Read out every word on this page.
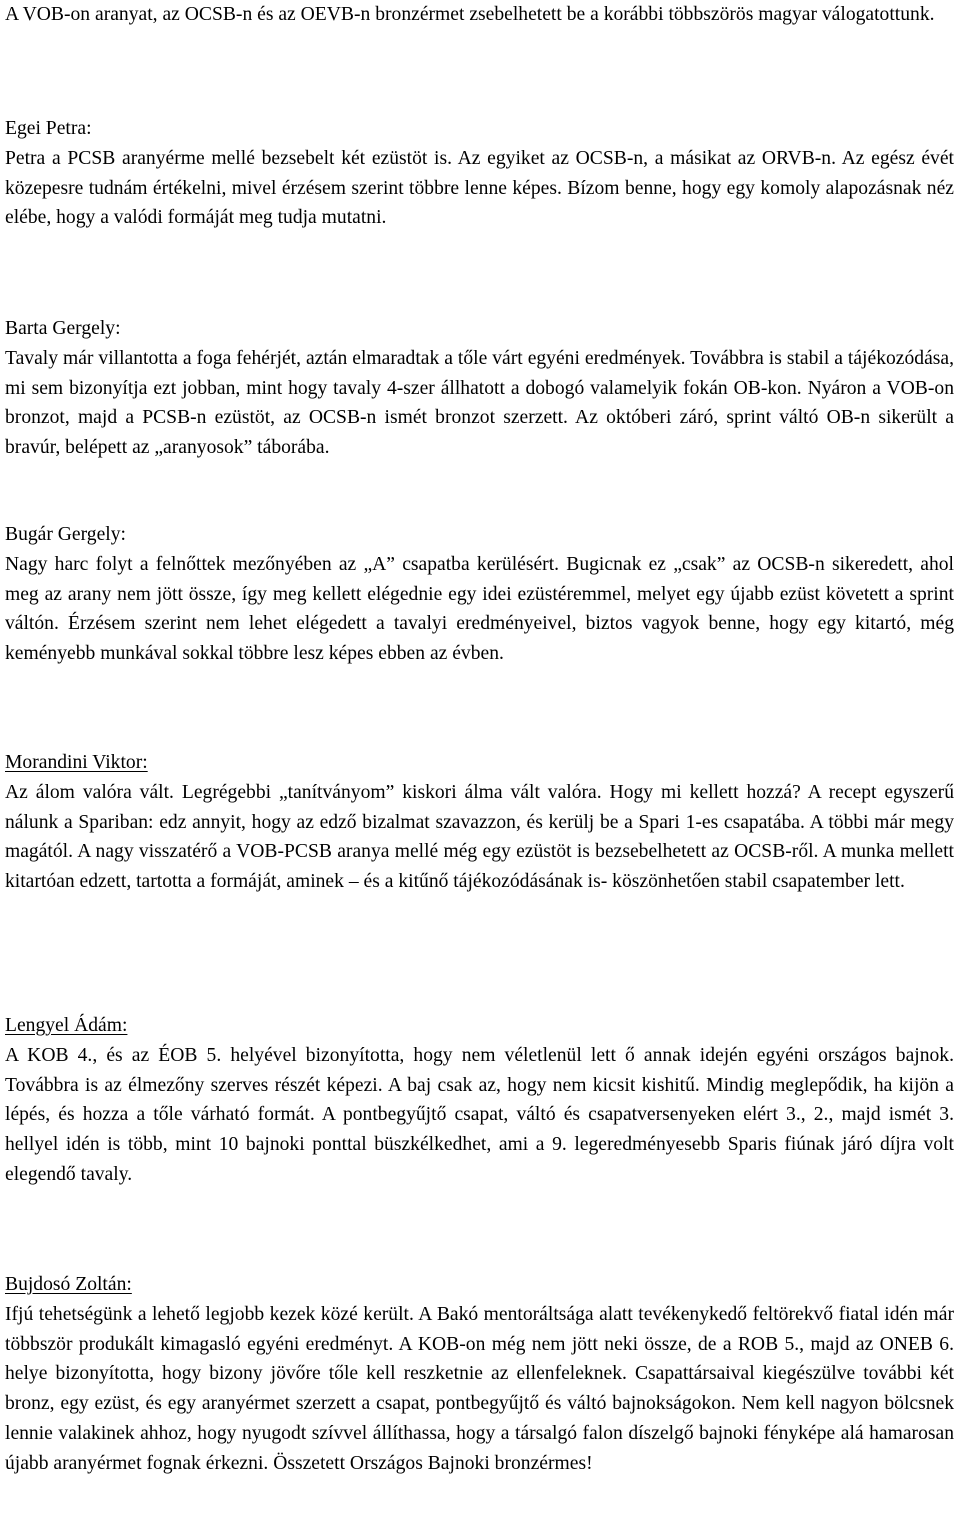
A VOB-on aranyat, az OCSB-n és az OEVB-n bronzérmet zsebelhetett be a korábbi többszörös magyar válogatottunk.

Egei Petra:

Petra a PCSB aranyérme mellé bezsebelt két ezüstöt is. Az egyiket az OCSB-n, a másikat az ORVB-n. Az egész évét közepesre tudnám értékelni, mivel érzésem szerint többre lenne képes. Bízom benne, hogy egy komoly alapozásnak néz elébe, hogy a valódi formáját meg tudja mutatni.

Barta Gergely:

Tavaly már villantotta a foga fehérjét, aztán elmaradtak a tőle várt egyéni eredmények. Továbbra is stabil a tájékozódása, mi sem bizonyítja ezt jobban, mint hogy tavaly 4-szer állhatott a dobogó valamelyik fokán OB-kon. Nyáron a VOB-on bronzot, majd a PCSB-n ezüstöt, az OCSB-n ismét bronzot szerzett. Az októberi záró, sprint váltó OB-n sikerült a bravúr, belépett az „aranyosok” táborába.

Bugár Gergely:

Nagy harc folyt a felnőttek mezőnyében az „A” csapatba kerülésért. Bugicnak ez „csak” az OCSB-n sikeredett, ahol meg az arany nem jött össze, így meg kellett elégednie egy idei ezüstéremmel, melyet egy újabb ezüst követett a sprint váltón. Érzésem szerint nem lehet elégedett a tavalyi eredményeivel, biztos vagyok benne, hogy egy kitartó, még keményebb munkával sokkal többre lesz képes ebben az évben.

Morandini Viktor:

Az álom valóra vált. Legrégebbi „tanítványom” kiskori álma vált valóra. Hogy mi kellett hozzá? A recept egyszerű nálunk a Spariban: edz annyit, hogy az edző bizalmat szavazzon, és kerülj be a Spari 1-es csapatába. A többi már megy magától. A nagy visszatérő a VOB-PCSB aranya mellé még egy ezüstöt is bezsebelhetett az OCSB-ről. A munka mellett kitartóan edzett, tartotta a formáját, aminek – és a kitűnő tájékozódásának is- köszönhetően stabil csapatember lett.

Lengyel Ádám:

A KOB 4., és az ÉOB 5. helyével bizonyította, hogy nem véletlenül lett ő annak idején egyéni országos bajnok. Továbbra is az élmezőny szerves részét képezi. A baj csak az, hogy nem kicsit kishitű. Mindig meglepődik, ha kijön a lépés, és hozza a tőle várható formát. A pontbegyűjtő csapat, váltó és csapatversenyeken elért 3., 2., majd ismét 3. hellyel idén is több, mint 10 bajnoki ponttal büszkélkedhet, ami a 9. legeredményesebb Sparis fiúnak járó díjra volt elegendő tavaly.

Bujdosó Zoltán:

Ifjú tehetségünk a lehető legjobb kezek közé került. A Bakó mentoráltsága alatt tevékenykedő feltörekvő fiatal idén már többször produkált kimagasló egyéni eredményt. A KOB-on még nem jött neki össze, de a ROB 5., majd az ONEB 6. helye bizonyította, hogy bizony jövőre tőle kell reszketnie az ellenfeleknek. Csapattársaival kiegészülve további két bronz, egy ezüst, és egy aranyérmet szerzett a csapat, pontbegyűjtő és váltó bajnokságokon. Nem kell nagyon bölcsnek lennie valakinek ahhoz, hogy nyugodt szívvel állíthassa, hogy a társalgó falon díszelgő bajnoki fényképe alá hamarosan újabb aranyérmet fognak érkezni. Összetett Országos Bajnoki bronzérmes!
